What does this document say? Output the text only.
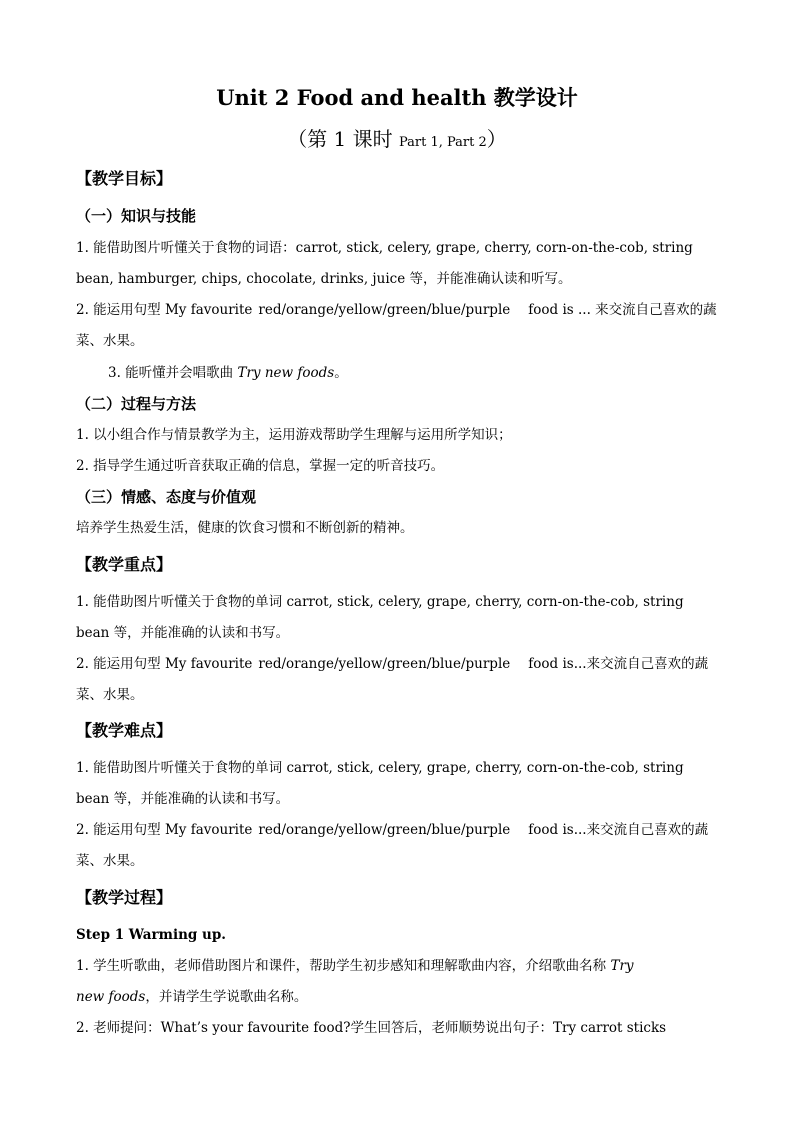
Unit 2 Food and health 教学设计
（第 1 课时 Part 1, Part 2）
【教学目标】
（一）知识与技能
1. 能借助图片听懂关于食物的词语：carrot, stick, celery, grape, cherry, corn-on-the-cob, string
bean, hamburger, chips, chocolate, drinks, juice 等，并能准确认读和听写。
2. 能运用句型 My favourite red/orange/yellow/green/blue/purple food is ... 来交流自己喜欢的蔬
菜、水果。
3. 能听懂并会唱歌曲 Try new foods。
（二）过程与方法
1. 以小组合作与情景教学为主，运用游戏帮助学生理解与运用所学知识；
2. 指导学生通过听音获取正确的信息，掌握一定的听音技巧。
（三）情感、态度与价值观
培养学生热爱生活，健康的饮食习惯和不断创新的精神。
【教学重点】
1. 能借助图片听懂关于食物的单词 carrot, stick, celery, grape, cherry, corn-on-the-cob, string
bean 等，并能准确的认读和书写。
2. 能运用句型 My favourite red/orange/yellow/green/blue/purple food is...来交流自己喜欢的蔬
菜、水果。
【教学难点】
1. 能借助图片听懂关于食物的单词 carrot, stick, celery, grape, cherry, corn-on-the-cob, string
bean 等，并能准确的认读和书写。
2. 能运用句型 My favourite red/orange/yellow/green/blue/purple food is...来交流自己喜欢的蔬
菜、水果。
【教学过程】
Step 1 Warming up.
1. 学生听歌曲，老师借助图片和课件，帮助学生初步感知和理解歌曲内容，介绍歌曲名称 Try
new foods，并请学生学说歌曲名称。
2. 老师提问：What’s your favourite food?学生回答后，老师顺势说出句子：Try carrot sticks
